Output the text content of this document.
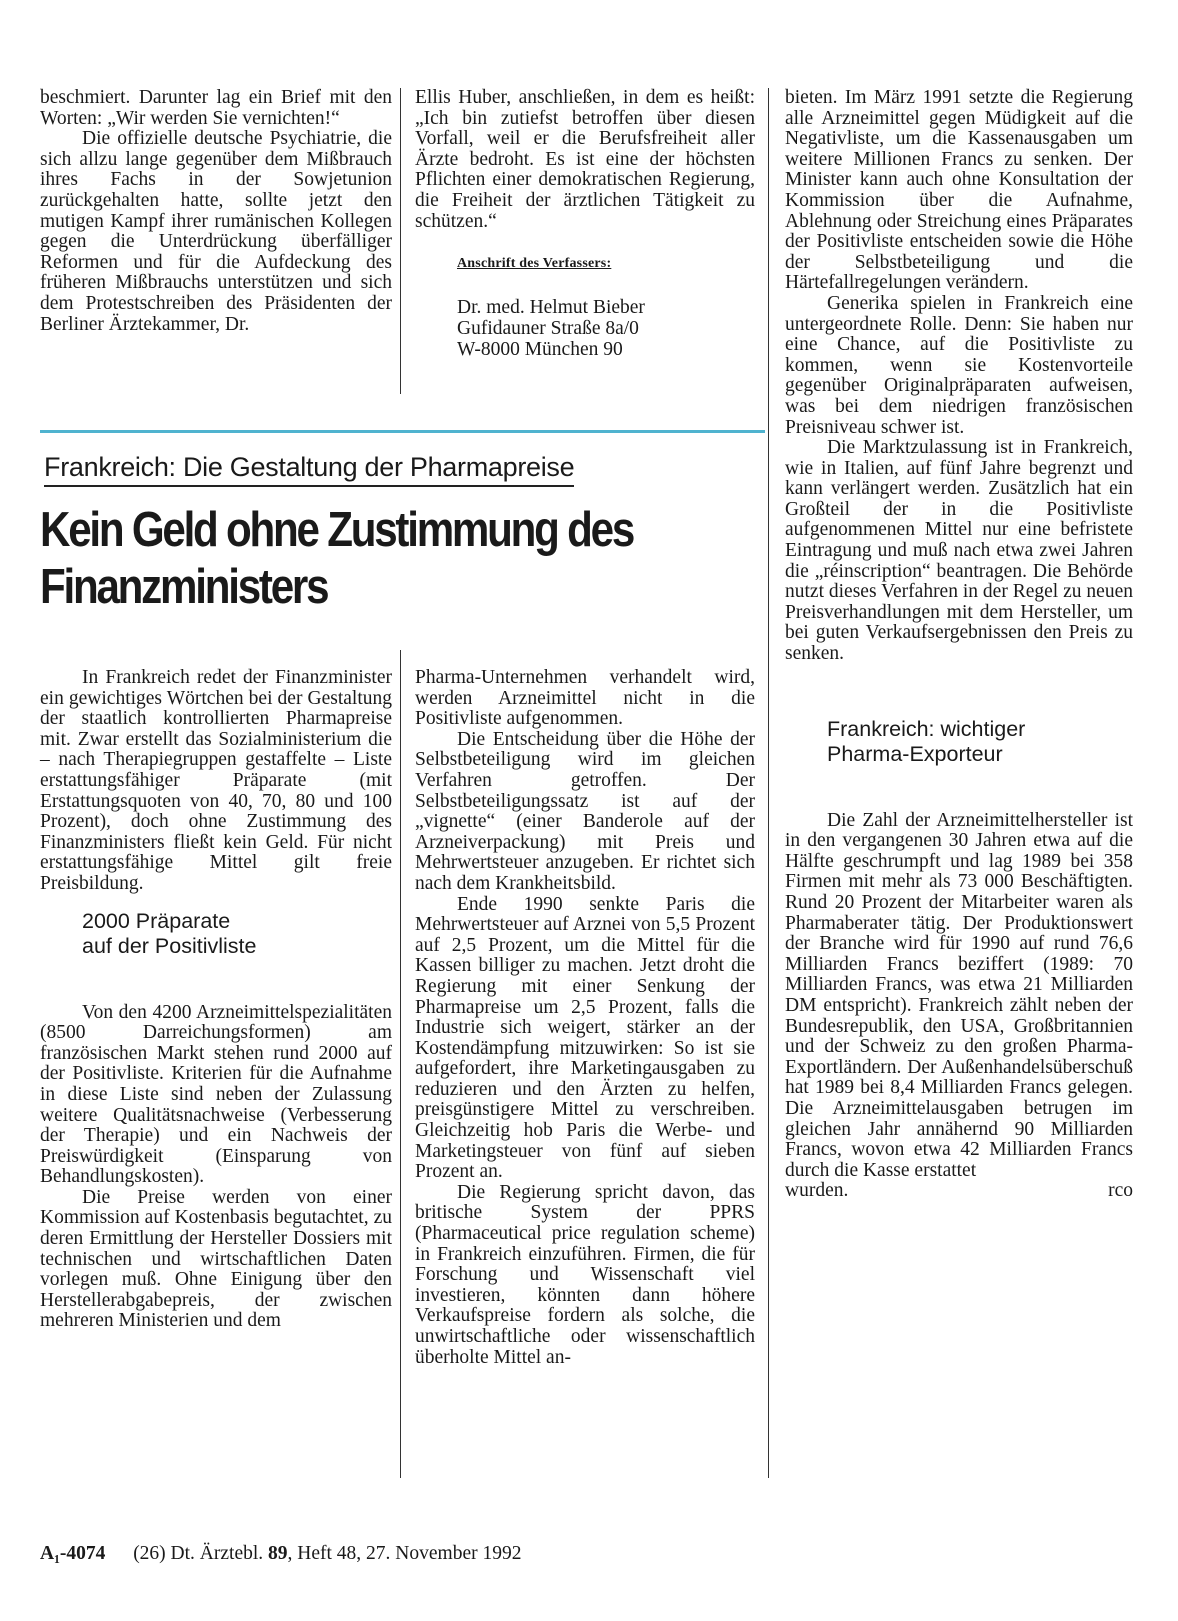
beschmiert. Darunter lag ein Brief mit den Worten: „Wir werden Sie vernichten!“

Die offizielle deutsche Psychiatrie, die sich allzu lange gegenüber dem Mißbrauch ihres Fachs in der Sowjetunion zurückgehalten hatte, sollte jetzt den mutigen Kampf ihrer rumänischen Kollegen gegen die Unterdrückung überfälliger Reformen und für die Aufdeckung des früheren Mißbrauchs unterstützen und sich dem Protestschreiben des Präsidenten der Berliner Ärztekammer, Dr.

Ellis Huber, anschließen, in dem es heißt: „Ich bin zutiefst betroffen über diesen Vorfall, weil er die Berufsfreiheit aller Ärzte bedroht. Es ist eine der höchsten Pflichten einer demokratischen Regierung, die Freiheit der ärztlichen Tätigkeit zu schützen.“

Anschrift des Verfassers:
Dr. med. Helmut Bieber
Gufidauner Straße 8a/0
W-8000 München 90
Frankreich: Die Gestaltung der Pharmapreise
Kein Geld ohne Zustimmung des Finanzministers

In Frankreich redet der Finanzminister ein gewichtiges Wörtchen bei der Gestaltung der staatlich kontrollierten Pharmapreise mit. Zwar erstellt das Sozialministerium die – nach Therapiegruppen gestaffelte – Liste erstattungsfähiger Präparate (mit Erstattungsquoten von 40, 70, 80 und 100 Prozent), doch ohne Zustimmung des Finanzministers fließt kein Geld. Für nicht erstattungsfähige Mittel gilt freie Preisbildung.

2000 Präparate
auf der Positivliste

Von den 4200 Arzneimittelspezialitäten (8500 Darreichungsformen) am französischen Markt stehen rund 2000 auf der Positivliste. Kriterien für die Aufnahme in diese Liste sind neben der Zulassung weitere Qualitätsnachweise (Verbesserung der Therapie) und ein Nachweis der Preiswürdigkeit (Einsparung von Behandlungskosten).

Die Preise werden von einer Kommission auf Kostenbasis begutachtet, zu deren Ermittlung der Hersteller Dossiers mit technischen und wirtschaftlichen Daten vorlegen muß. Ohne Einigung über den Herstellerabgabepreis, der zwischen mehreren Ministerien und dem

Pharma-Unternehmen verhandelt wird, werden Arzneimittel nicht in die Positivliste aufgenommen.

Die Entscheidung über die Höhe der Selbstbeteiligung wird im gleichen Verfahren getroffen. Der Selbstbeteiligungssatz ist auf der „vignette“ (einer Banderole auf der Arzneiverpackung) mit Preis und Mehrwertsteuer anzugeben. Er richtet sich nach dem Krankheitsbild.

Ende 1990 senkte Paris die Mehrwertsteuer auf Arznei von 5,5 Prozent auf 2,5 Prozent, um die Mittel für die Kassen billiger zu machen. Jetzt droht die Regierung mit einer Senkung der Pharmapreise um 2,5 Prozent, falls die Industrie sich weigert, stärker an der Kostendämpfung mitzuwirken: So ist sie aufgefordert, ihre Marketingausgaben zu reduzieren und den Ärzten zu helfen, preisgünstigere Mittel zu verschreiben. Gleichzeitig hob Paris die Werbe- und Marketingsteuer von fünf auf sieben Prozent an.

Die Regierung spricht davon, das britische System der PPRS (Pharmaceutical price regulation scheme) in Frankreich einzuführen. Firmen, die für Forschung und Wissenschaft viel investieren, könnten dann höhere Verkaufspreise fordern als solche, die unwirtschaftliche oder wissenschaftlich überholte Mittel an-

bieten. Im März 1991 setzte die Regierung alle Arzneimittel gegen Müdigkeit auf die Negativliste, um die Kassenausgaben um weitere Millionen Francs zu senken. Der Minister kann auch ohne Konsultation der Kommission über die Aufnahme, Ablehnung oder Streichung eines Präparates der Positivliste entscheiden sowie die Höhe der Selbstbeteiligung und die Härtefallregelungen verändern.

Generika spielen in Frankreich eine untergeordnete Rolle. Denn: Sie haben nur eine Chance, auf die Positivliste zu kommen, wenn sie Kostenvorteile gegenüber Originalpräparaten aufweisen, was bei dem niedrigen französischen Preisniveau schwer ist.

Die Marktzulassung ist in Frankreich, wie in Italien, auf fünf Jahre begrenzt und kann verlängert werden. Zusätzlich hat ein Großteil der in die Positivliste aufgenommenen Mittel nur eine befristete Eintragung und muß nach etwa zwei Jahren die „réinscription“ beantragen. Die Behörde nutzt dieses Verfahren in der Regel zu neuen Preisverhandlungen mit dem Hersteller, um bei guten Verkaufsergebnissen den Preis zu senken.

Frankreich: wichtiger
Pharma-Exporteur

Die Zahl der Arzneimittelhersteller ist in den vergangenen 30 Jahren etwa auf die Hälfte geschrumpft und lag 1989 bei 358 Firmen mit mehr als 73 000 Beschäftigten. Rund 20 Prozent der Mitarbeiter waren als Pharmaberater tätig. Der Produktionswert der Branche wird für 1990 auf rund 76,6 Milliarden Francs beziffert (1989: 70 Milliarden Francs, was etwa 21 Milliarden DM entspricht). Frankreich zählt neben der Bundesrepublik, den USA, Großbritannien und der Schweiz zu den großen Pharma-Exportländern. Der Außenhandelsüberschuß hat 1989 bei 8,4 Milliarden Francs gelegen. Die Arzneimittelausgaben betrugen im gleichen Jahr annähernd 90 Milliarden Francs, wovon etwa 42 Milliarden Francs durch die Kasse erstattet

wurden.	rco
A₁-4074 (26) Dt. Ärztebl. 89, Heft 48, 27. November 1992
